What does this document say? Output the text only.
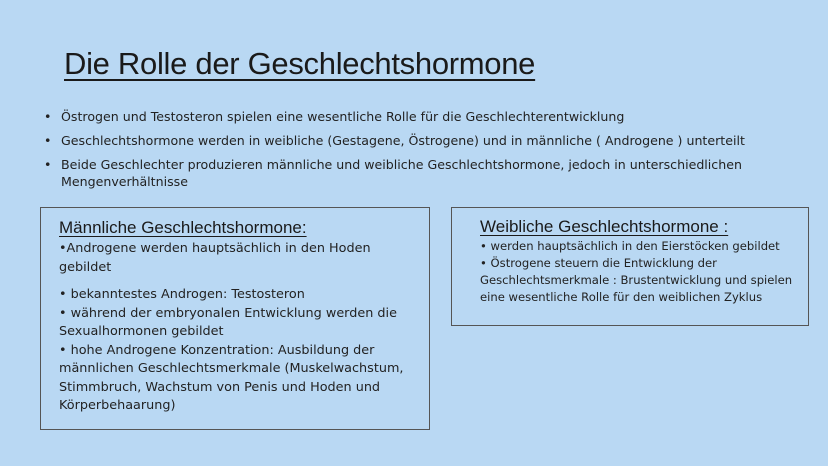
Die Rolle der Geschlechtshormone
• Östrogen und Testosteron spielen eine wesentliche Rolle für die Geschlechterentwicklung
• Geschlechtshormone werden in weibliche (Gestagene, Östrogene) und in männliche ( Androgene ) unterteilt
• Beide Geschlechter produzieren männliche und weibliche Geschlechtshormone, jedoch in unterschiedlichen Mengenverhältnisse
Männliche Geschlechtshormone:
•Androgene werden hauptsächlich in den Hoden gebildet
• bekanntestes Androgen: Testosteron
• während der embryonalen Entwicklung werden die Sexualhormonen gebildet
• hohe Androgene Konzentration: Ausbildung der männlichen Geschlechtsmerkmale (Muskelwachstum, Stimmbruch, Wachstum von Penis und Hoden und Körperbehaarung)
Weibliche Geschlechtshormone :
• werden hauptsächlich in den Eierstöcken gebildet
• Östrogene steuern die Entwicklung der Geschlechtsmerkmale : Brustentwicklung und spielen eine wesentliche Rolle für den weiblichen Zyklus
